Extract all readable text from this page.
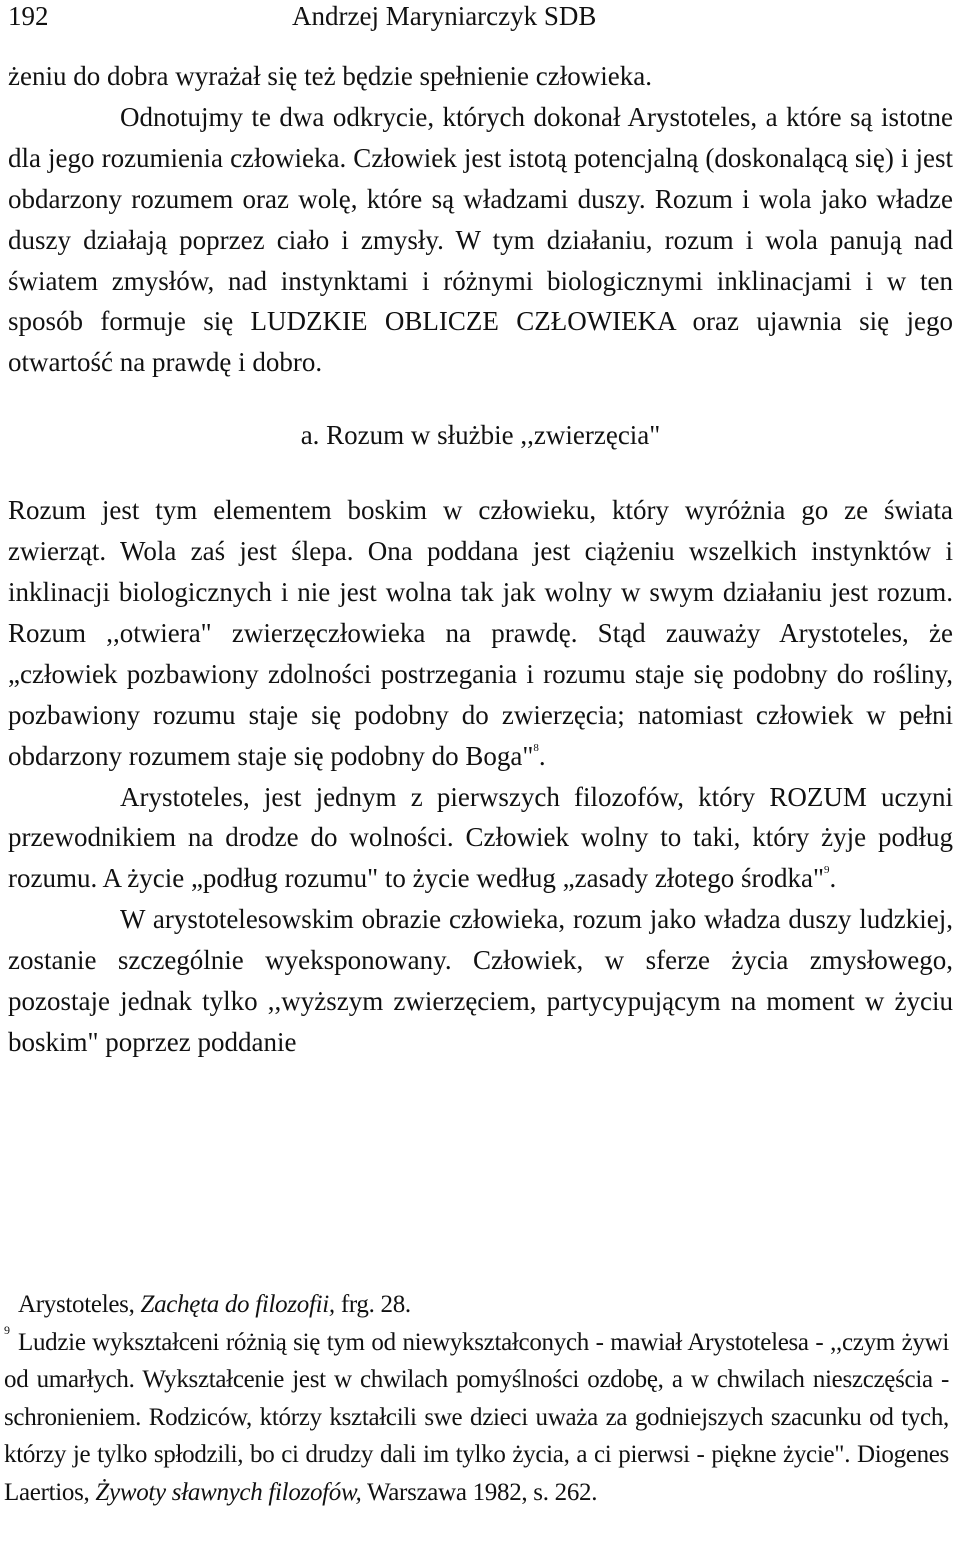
192	Andrzej Maryniarczyk SDB

żeniu do dobra wyrażał się też będzie spełnienie człowieka.

Odnotujmy te dwa odkrycie, których dokonał Arystoteles, a które są istotne dla jego rozumienia człowieka. Człowiek jest istotą potencjalną (doskonalącą się) i jest obdarzony rozumem oraz wolę, które są władzami duszy. Rozum i wola jako władze duszy działają poprzez ciało i zmysły. W tym działaniu, rozum i wola panują nad światem zmysłów, nad instynktami i różnymi biologicznymi inklinacjami i w ten sposób formuje się LUDZKIE OBLICZE CZŁOWIEKA oraz ujawnia się jego otwartość na prawdę i dobro.

a. Rozum w służbie ,,zwierzęcia"

Rozum jest tym elementem boskim w człowieku, który wyróżnia go ze świata zwierząt. Wola zaś jest ślepa. Ona poddana jest ciążeniu wszelkich instynktów i inklinacji biologicznych i nie jest wolna tak jak wolny w swym działaniu jest rozum. Rozum ,,otwiera" zwierzęczłowieka na prawdę. Stąd zauważy Arystoteles, że „człowiek pozbawiony zdolności postrzegania i rozumu staje się podobny do rośliny, pozbawiony rozumu staje się podobny do zwierzęcia; natomiast człowiek w pełni obdarzony rozumem staje się podobny do Boga"$^8$.

Arystoteles, jest jednym z pierwszych filozofów, który ROZUM uczyni przewodnikiem na drodze do wolności. Człowiek wolny to taki, który żyje podług rozumu. A życie „podług rozumu" to życie według „zasady złotego środka"$^9$.

W arystotelesowskim obrazie człowieka, rozum jako władza duszy ludzkiej, zostanie szczególnie wyeksponowany. Człowiek, w sferze życia zmysłowego, pozostaje jednak tylko ,,wyższym zwierzęciem, partycypującym na moment w życiu boskim" poprzez poddanie

8 Arystoteles, Zachęta do filozofii, frg. 28.

9 Ludzie wykształceni różnią się tym od niewykształconych - mawiał Arystotelesa - ,,czym żywi od umarłych. Wykształcenie jest w chwilach pomyślności ozdobę, a w chwilach nieszczęścia - schronieniem. Rodziców, którzy kształcili swe dzieci uważa za godniejszych szacunku od tych, którzy je tylko spłodzili, bo ci drudzy dali im tylko życia, a ci pierwsi - piękne życie". Diogenes Laertios, Żywoty sławnych filozofów, Warszawa 1982, s. 262.
